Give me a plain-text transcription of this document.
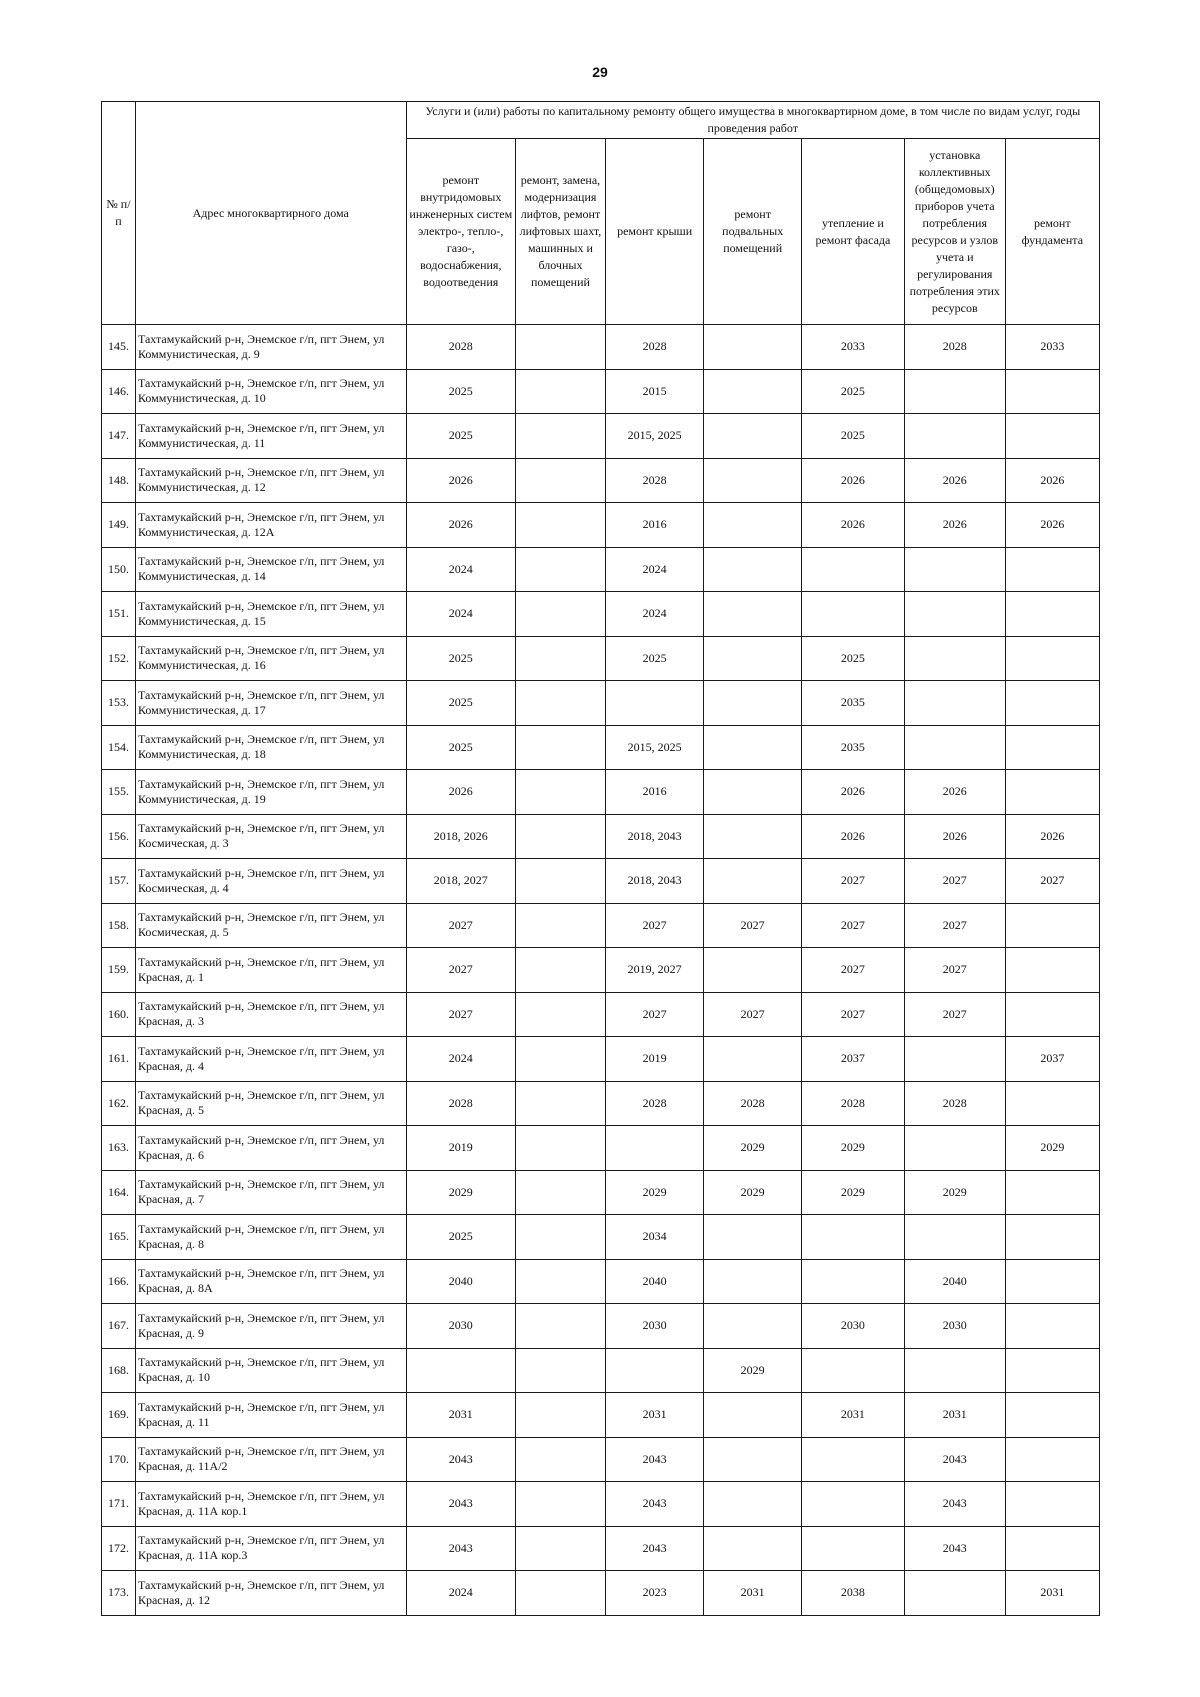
29
№ п/п	Адрес многоквартирного дома	Услуги и (или) работы по капитальному ремонту общего имущества в многоквартирном доме, в том числе по видам услуг, годы проведения работ						
		ремонт внутридомовых инженерных систем электро-, тепло-, газо-, водоснабжения, водоотведения	ремонт, замена, модернизация лифтов, ремонт лифтовых шахт, машинных и блочных помещений	ремонт крыши	ремонт подвальных помещений	утепление и ремонт фасада	установка коллективных (общедомовых) приборов учета потребления ресурсов и узлов учета и регулирования потребления этих ресурсов	ремонт фундамента
145.	Тахтамукайский р-н, Энемское г/п, пгт Энем, ул Коммунистическая, д. 9	2028		2028		2033	2028	2033
146.	Тахтамукайский р-н, Энемское г/п, пгт Энем, ул Коммунистическая, д. 10	2025		2015		2025		
147.	Тахтамукайский р-н, Энемское г/п, пгт Энем, ул Коммунистическая, д. 11	2025		2015, 2025		2025		
148.	Тахтамукайский р-н, Энемское г/п, пгт Энем, ул Коммунистическая, д. 12	2026		2028		2026	2026	2026
149.	Тахтамукайский р-н, Энемское г/п, пгт Энем, ул Коммунистическая, д. 12А	2026		2016		2026	2026	2026
150.	Тахтамукайский р-н, Энемское г/п, пгт Энем, ул Коммунистическая, д. 14	2024		2024				
151.	Тахтамукайский р-н, Энемское г/п, пгт Энем, ул Коммунистическая, д. 15	2024		2024				
152.	Тахтамукайский р-н, Энемское г/п, пгт Энем, ул Коммунистическая, д. 16	2025		2025		2025		
153.	Тахтамукайский р-н, Энемское г/п, пгт Энем, ул Коммунистическая, д. 17	2025				2035		
154.	Тахтамукайский р-н, Энемское г/п, пгт Энем, ул Коммунистическая, д. 18	2025		2015, 2025		2035		
155.	Тахтамукайский р-н, Энемское г/п, пгт Энем, ул Коммунистическая, д. 19	2026		2016		2026	2026	
156.	Тахтамукайский р-н, Энемское г/п, пгт Энем, ул Космическая, д. 3	2018, 2026		2018, 2043		2026	2026	2026
157.	Тахтамукайский р-н, Энемское г/п, пгт Энем, ул Космическая, д. 4	2018, 2027		2018, 2043		2027	2027	2027
158.	Тахтамукайский р-н, Энемское г/п, пгт Энем, ул Космическая, д. 5	2027		2027	2027	2027	2027	
159.	Тахтамукайский р-н, Энемское г/п, пгт Энем, ул Красная, д. 1	2027		2019, 2027		2027	2027	
160.	Тахтамукайский р-н, Энемское г/п, пгт Энем, ул Красная, д. 3	2027		2027	2027	2027	2027	
161.	Тахтамукайский р-н, Энемское г/п, пгт Энем, ул Красная, д. 4	2024		2019		2037		2037
162.	Тахтамукайский р-н, Энемское г/п, пгт Энем, ул Красная, д. 5	2028		2028	2028	2028	2028	
163.	Тахтамукайский р-н, Энемское г/п, пгт Энем, ул Красная, д. 6	2019			2029	2029		2029
164.	Тахтамукайский р-н, Энемское г/п, пгт Энем, ул Красная, д. 7	2029		2029	2029	2029	2029	
165.	Тахтамукайский р-н, Энемское г/п, пгт Энем, ул Красная, д. 8	2025		2034				
166.	Тахтамукайский р-н, Энемское г/п, пгт Энем, ул Красная, д. 8А	2040		2040			2040	
167.	Тахтамукайский р-н, Энемское г/п, пгт Энем, ул Красная, д. 9	2030		2030		2030	2030	
168.	Тахтамукайский р-н, Энемское г/п, пгт Энем, ул Красная, д. 10				2029			
169.	Тахтамукайский р-н, Энемское г/п, пгт Энем, ул Красная, д. 11	2031		2031		2031	2031	
170.	Тахтамукайский р-н, Энемское г/п, пгт Энем, ул Красная, д. 11А/2	2043		2043			2043	
171.	Тахтамукайский р-н, Энемское г/п, пгт Энем, ул Красная, д. 11А кор.1	2043		2043			2043	
172.	Тахтамукайский р-н, Энемское г/п, пгт Энем, ул Красная, д. 11А кор.3	2043		2043			2043	
173.	Тахтамукайский р-н, Энемское г/п, пгт Энем, ул Красная, д. 12	2024		2023	2031	2038		2031
